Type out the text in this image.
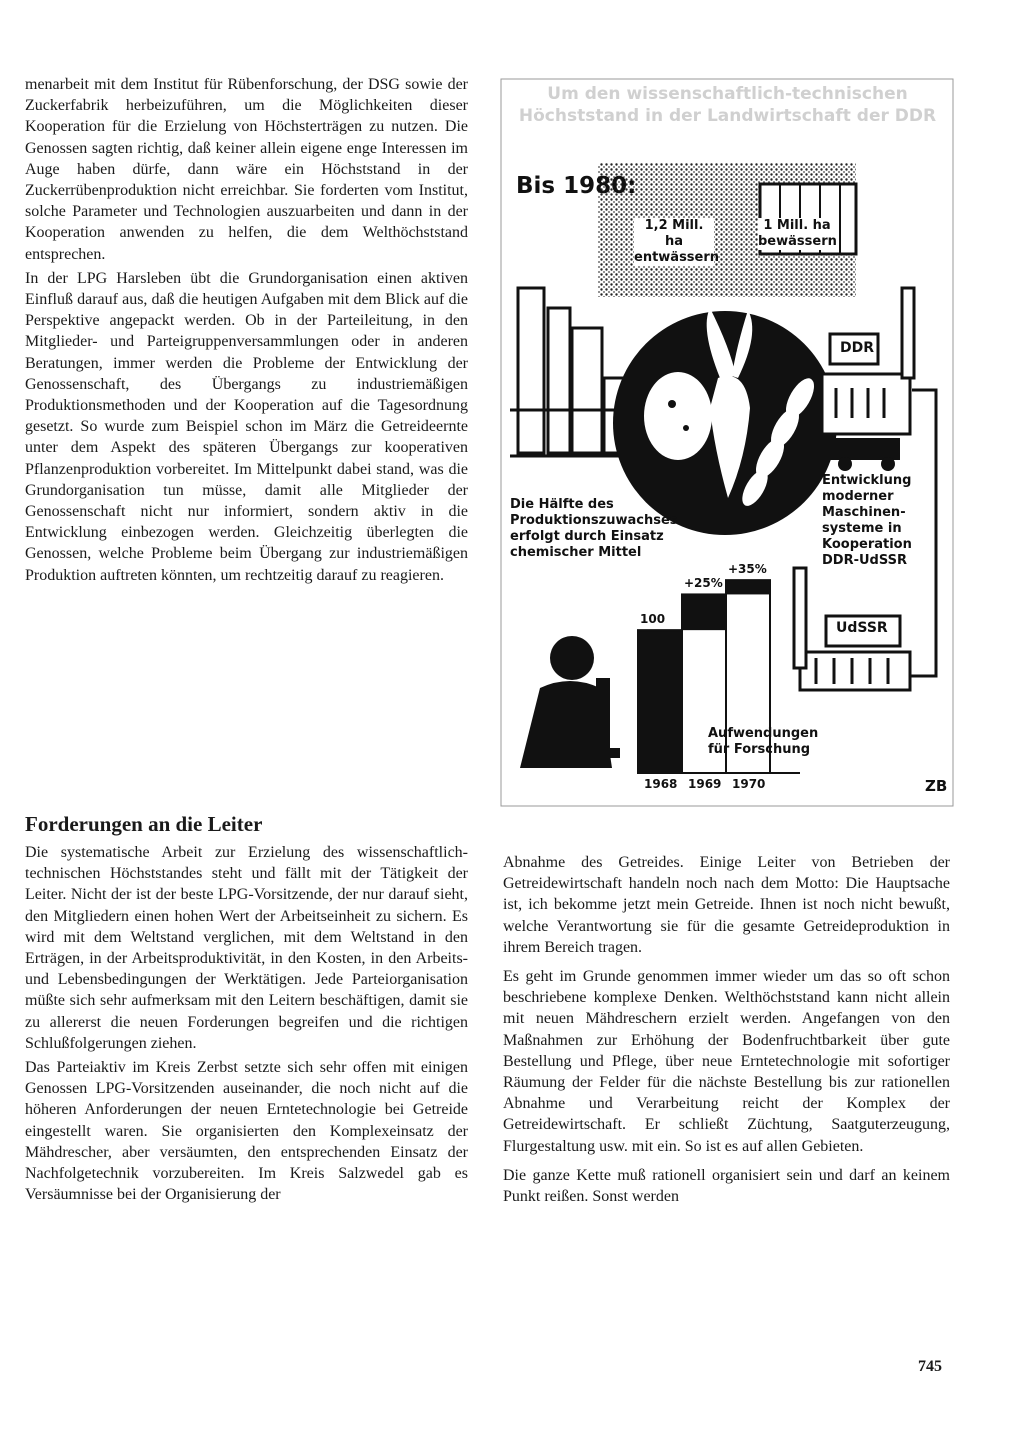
menarbeit mit dem Institut für Rübenforschung, der DSG sowie der Zuckerfabrik herbeizuführen, um die Möglichkeiten dieser Kooperation für die Erzielung von Höchsterträgen zu nutzen. Die Genossen sagten richtig, daß keiner allein eigene enge Interessen im Auge haben dürfe, dann wäre ein Höchststand in der Zuckerrübenproduktion nicht erreichbar. Sie forderten vom Institut, solche Parameter und Technologien auszuarbeiten und dann in der Kooperation anwenden zu helfen, die dem Welthöchststand entsprechen.

In der LPG Harsleben übt die Grundorganisation einen aktiven Einfluß darauf aus, daß die heutigen Aufgaben mit dem Blick auf die Perspektive angepackt werden. Ob in der Parteileitung, in den Mitglieder- und Parteigruppenversammlungen oder in anderen Beratungen, immer werden die Probleme der Entwicklung der Genossenschaft, des Übergangs zu industriemäßigen Produktionsmethoden und der Kooperation auf die Tagesordnung gesetzt. So wurde zum Beispiel schon im März die Getreideernte unter dem Aspekt des späteren Übergangs zur kooperativen Pflanzenproduktion vorbereitet. Im Mittelpunkt dabei stand, was die Grundorganisation tun müsse, damit alle Mitglieder der Genossenschaft nicht nur informiert, sondern aktiv in die Entwicklung einbezogen werden. Gleichzeitig überlegten die Genossen, welche Probleme beim Übergang zur industriemäßigen Produktion auftreten könnten, um rechtzeitig darauf zu reagieren.

Forderungen an die Leiter

Die systematische Arbeit zur Erzielung des wissenschaftlich-technischen Höchststandes steht und fällt mit der Tätigkeit der Leiter. Nicht der ist der beste LPG-Vorsitzende, der nur darauf sieht, den Mitgliedern einen hohen Wert der Arbeitseinheit zu sichern. Es wird mit dem Weltstand verglichen, mit dem Weltstand in den Erträgen, in der Arbeitsproduktivität, in den Kosten, in den Arbeits- und Lebensbedingungen der Werktätigen. Jede Parteiorganisation müßte sich sehr aufmerksam mit den Leitern beschäftigen, damit sie zu allererst die neuen Forderungen begreifen und die richtigen Schlußfolgerungen ziehen.

Das Parteiaktiv im Kreis Zerbst setzte sich sehr offen mit einigen Genossen LPG-Vorsitzenden auseinander, die noch nicht auf die höheren Anforderungen der neuen Erntetechnologie bei Getreide eingestellt waren. Sie organisierten den Komplexeinsatz der Mähdrescher, aber versäumten, den entsprechenden Einsatz der Nachfolgetechnik vorzubereiten. Im Kreis Salzwedel gab es Versäumnisse bei der Organisierung der

Abnahme des Getreides. Einige Leiter von Betrieben der Getreidewirtschaft handeln noch nach dem Motto: Die Hauptsache ist, ich bekomme jetzt mein Getreide. Ihnen ist noch nicht bewußt, welche Verantwortung sie für die gesamte Getreideproduktion in ihrem Bereich tragen.

Es geht im Grunde genommen immer wieder um das so oft schon beschriebene komplexe Denken. Welthöchststand kann nicht allein mit neuen Mähdreschern erzielt werden. Angefangen von den Maßnahmen zur Erhöhung der Bodenfruchtbarkeit über gute Bestellung und Pflege, über neue Erntetechnologie mit sofortiger Räumung der Felder für die nächste Bestellung bis zur rationellen Abnahme und Verarbeitung reicht der Komplex der Getreidewirtschaft. Er schließt Züchtung, Saatguterzeugung, Flurgestaltung usw. mit ein. So ist es auf allen Gebieten.

Die ganze Kette muß rationell organisiert sein und darf an keinem Punkt reißen. Sonst werden

745
Um den wissenschaftlich-technischen
Höchststand in der Landwirtschaft der DDR
Bis 1980:
1,2 Mill. ha
entwässern
1 Mill. ha
bewässern
DDR
UdSSR
Die Hälfte des
Produktionszuwachses
erfolgt durch Einsatz
chemischer Mittel
Entwicklung
moderner
Maschinen-
systeme in
Kooperation
DDR-UdSSR
Aufwendungen
für Forschung
ZB
100
1968
+25%
1969
+35%
1970
